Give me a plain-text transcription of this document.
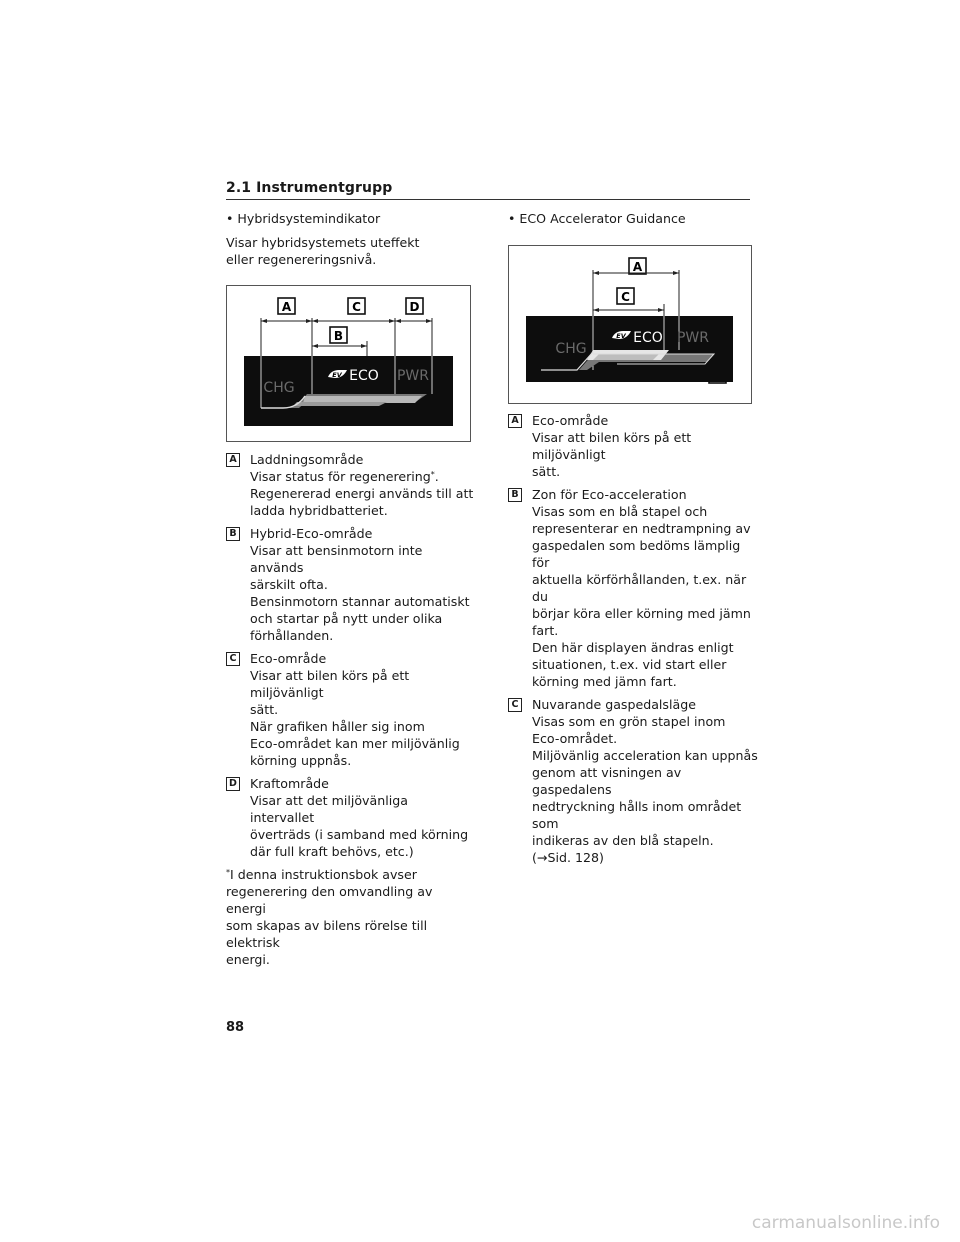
2.1 Instrumentgrupp

• Hybridsystemindikator

Visar hybridsystemets uteffekt eller regenereringsnivå.

A	C	D
B
CHG
EV ECO PWR
A Laddningsområde

Visar status för regenerering*.

Regenererad energi används till att

ladda hybridbatteriet.

B Hybrid-Eco-område

Visar att bensinmotorn inte används

särskilt ofta.

Bensinmotorn stannar automatiskt

och startar på nytt under olika

förhållanden.

C Eco-område

Visar att bilen körs på ett miljövänligt

sätt.

När grafiken håller sig inom

Eco-området kan mer miljövänlig

körning uppnås.

D Kraftområde

Visar att det miljövänliga intervallet

överträds (i samband med körning

där full kraft behövs, etc.)

*I denna instruktionsbok avser

regenerering den omvandling av energi

som skapas av bilens rörelse till elektrisk

energi.

• ECO Accelerator Guidance

A
C
CHG
EV ECO PWR
A Eco-område

Visar att bilen körs på ett miljövänligt

sätt.

B Zon för Eco-acceleration

Visas som en blå stapel och

representerar en nedtrampning av

gaspedalen som bedöms lämplig för

aktuella körförhållanden, t.ex. när du

börjar köra eller körning med jämn

fart.

Den här displayen ändras enligt

situationen, t.ex. vid start eller

körning med jämn fart.

C Nuvarande gaspedalsläge

Visas som en grön stapel inom

Eco-området.

Miljövänlig acceleration kan uppnås

genom att visningen av gaspedalens

nedtryckning hålls inom området som

indikeras av den blå stapeln.

(→Sid. 128)

88
carmanualsonline.info
